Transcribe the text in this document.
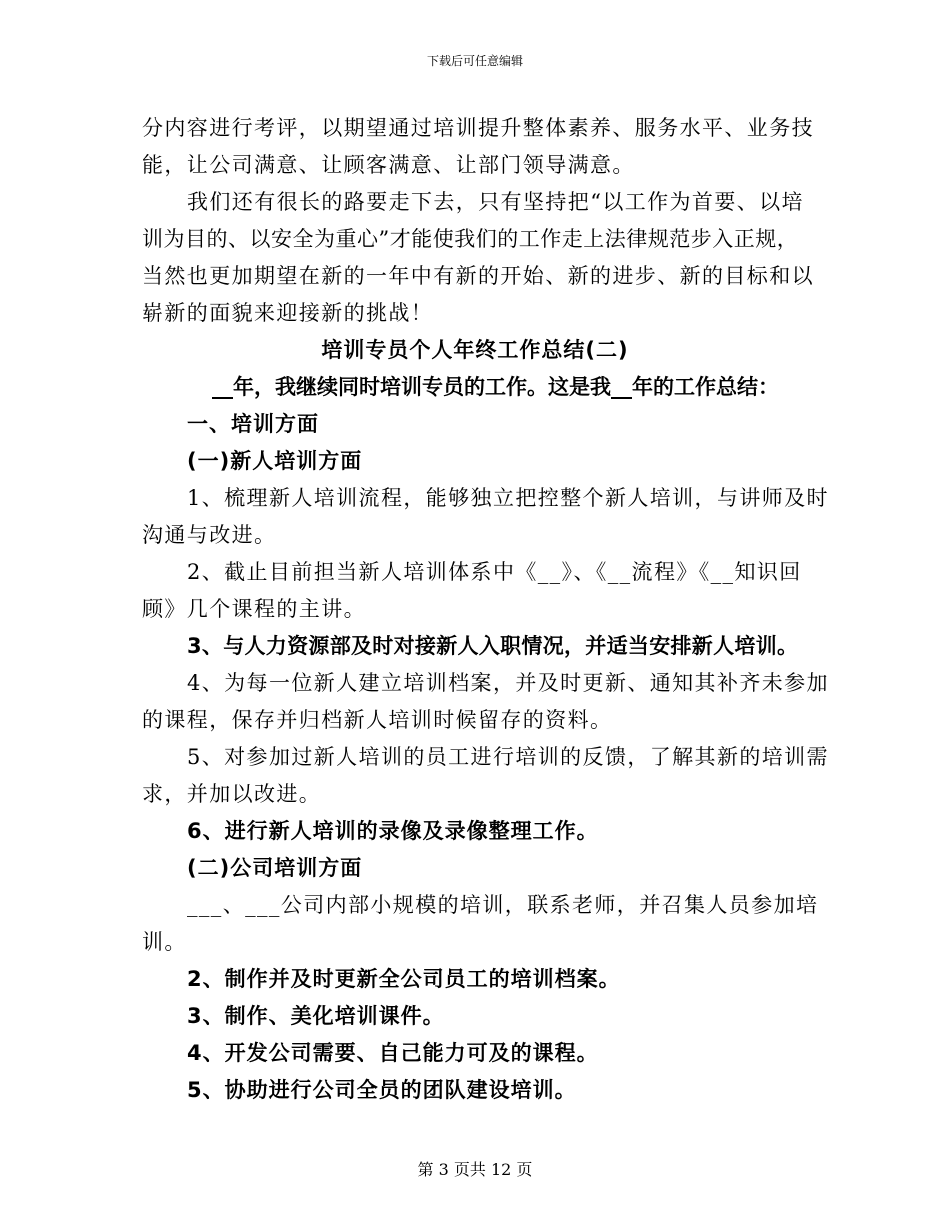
下载后可任意编辑
分内容进行考评，以期望通过培训提升整体素养、服务水平、业务技
能，让公司满意、让顾客满意、让部门领导满意。
我们还有很长的路要走下去，只有坚持把“以工作为首要、以培
训为目的、以安全为重心”才能使我们的工作走上法律规范步入正规，
当然也更加期望在新的一年中有新的开始、新的进步、新的目标和以
崭新的面貌来迎接新的挑战！
培训专员个人年终工作总结(二)
__年，我继续同时培训专员的工作。这是我__年的工作总结：
一、培训方面
(一)新人培训方面
1、梳理新人培训流程，能够独立把控整个新人培训，与讲师及时
沟通与改进。
2、截止目前担当新人培训体系中《__》、《__流程》《__知识回
顾》几个课程的主讲。
3、与人力资源部及时对接新人入职情况，并适当安排新人培训。
4、为每一位新人建立培训档案，并及时更新、通知其补齐未参加
的课程，保存并归档新人培训时候留存的资料。
5、对参加过新人培训的员工进行培训的反馈，了解其新的培训需
求，并加以改进。
6、进行新人培训的录像及录像整理工作。
(二)公司培训方面
___、___公司内部小规模的培训，联系老师，并召集人员参加培
训。
2、制作并及时更新全公司员工的培训档案。
3、制作、美化培训课件。
4、开发公司需要、自己能力可及的课程。
5、协助进行公司全员的团队建设培训。
第 3 页共 12 页
